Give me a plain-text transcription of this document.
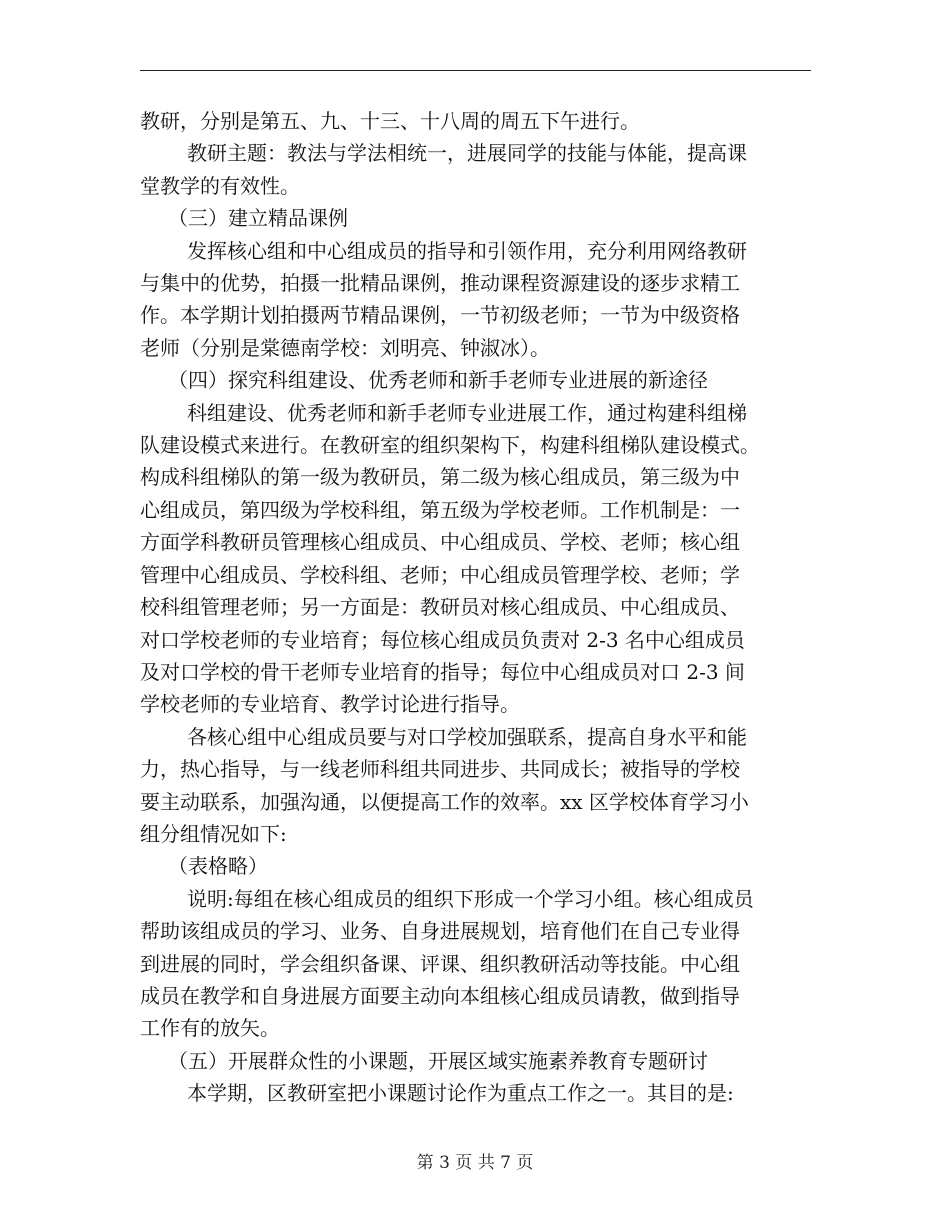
教研，分别是第五、九、十三、十八周的周五下午进行。

教研主题：教法与学法相统一，进展同学的技能与体能，提高课

堂教学的有效性。

（三）建立精品课例

发挥核心组和中心组成员的指导和引领作用，充分利用网络教研

与集中的优势，拍摄一批精品课例，推动课程资源建设的逐步求精工

作。本学期计划拍摄两节精品课例，一节初级老师；一节为中级资格

老师（分别是棠德南学校：刘明亮、钟淑冰）。

（四）探究科组建设、优秀老师和新手老师专业进展的新途径

科组建设、优秀老师和新手老师专业进展工作，通过构建科组梯

队建设模式来进行。在教研室的组织架构下，构建科组梯队建设模式。

构成科组梯队的第一级为教研员，第二级为核心组成员，第三级为中

心组成员，第四级为学校科组，第五级为学校老师。工作机制是：一

方面学科教研员管理核心组成员、中心组成员、学校、老师；核心组

管理中心组成员、学校科组、老师；中心组成员管理学校、老师；学

校科组管理老师；另一方面是：教研员对核心组成员、中心组成员、

对口学校老师的专业培育；每位核心组成员负责对 2-3 名中心组成员

及对口学校的骨干老师专业培育的指导；每位中心组成员对口 2-3 间

学校老师的专业培育、教学讨论进行指导。

各核心组中心组成员要与对口学校加强联系，提高自身水平和能

力，热心指导，与一线老师科组共同进步、共同成长；被指导的学校

要主动联系，加强沟通，以便提高工作的效率。xx 区学校体育学习小

组分组情况如下:

（表格略）

说明:每组在核心组成员的组织下形成一个学习小组。核心组成员

帮助该组成员的学习、业务、自身进展规划，培育他们在自己专业得

到进展的同时，学会组织备课、评课、组织教研活动等技能。中心组

成员在教学和自身进展方面要主动向本组核心组成员请教，做到指导

工作有的放矢。

（五）开展群众性的小课题，开展区域实施素养教育专题研讨

本学期，区教研室把小课题讨论作为重点工作之一。其目的是:

第 3 页 共 7 页
